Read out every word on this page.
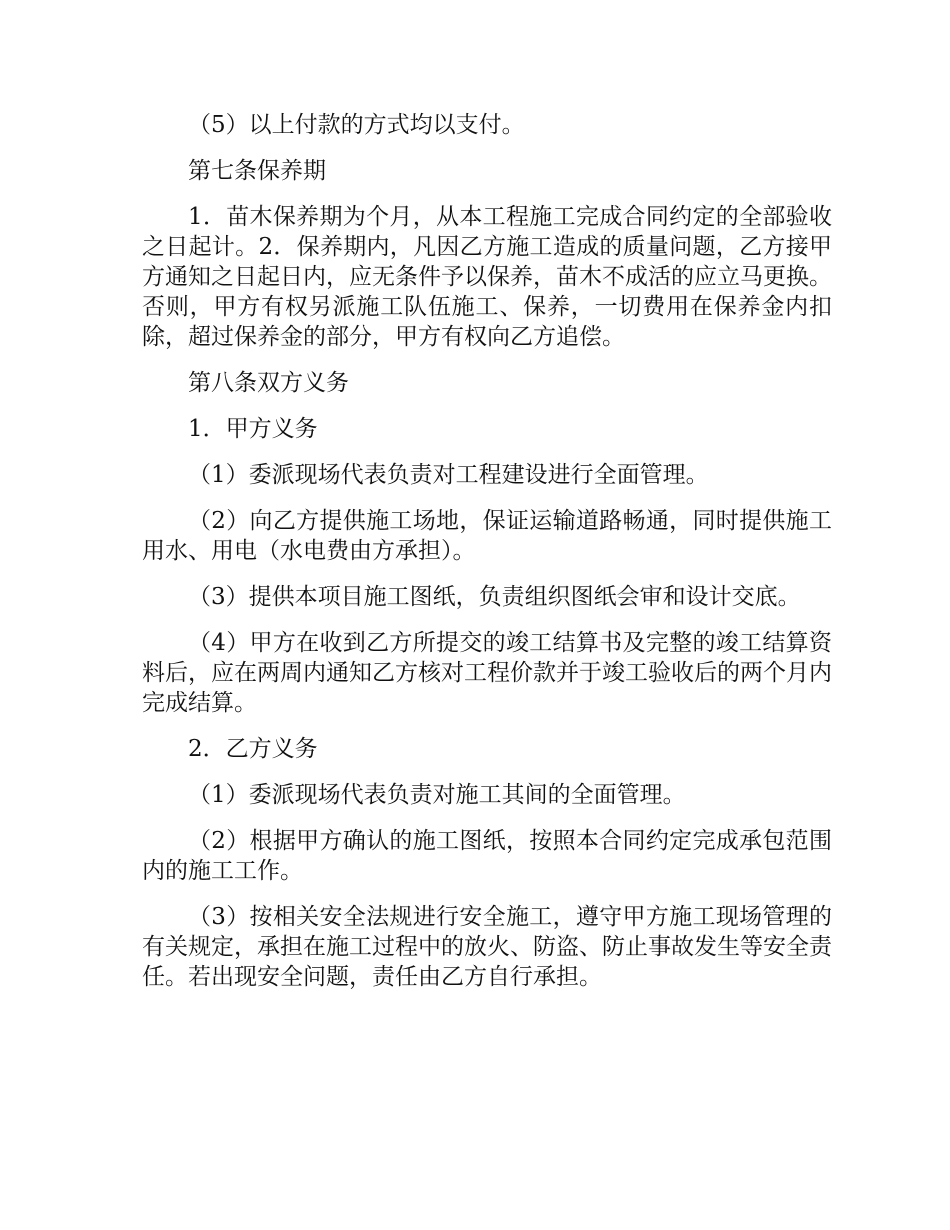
（5）以上付款的方式均以支付。

第七条保养期

1．苗木保养期为个月，从本工程施工完成合同约定的全部验收之日起计。2．保养期内，凡因乙方施工造成的质量问题，乙方接甲方通知之日起日内，应无条件予以保养，苗木不成活的应立马更换。否则，甲方有权另派施工队伍施工、保养，一切费用在保养金内扣除，超过保养金的部分，甲方有权向乙方追偿。

第八条双方义务

1．甲方义务

（1）委派现场代表负责对工程建设进行全面管理。

（2）向乙方提供施工场地，保证运输道路畅通，同时提供施工用水、用电（水电费由方承担）。

（3）提供本项目施工图纸，负责组织图纸会审和设计交底。

（4）甲方在收到乙方所提交的竣工结算书及完整的竣工结算资料后，应在两周内通知乙方核对工程价款并于竣工验收后的两个月内完成结算。

2．乙方义务

（1）委派现场代表负责对施工其间的全面管理。

（2）根据甲方确认的施工图纸，按照本合同约定完成承包范围内的施工工作。

（3）按相关安全法规进行安全施工，遵守甲方施工现场管理的有关规定，承担在施工过程中的放火、防盗、防止事故发生等安全责任。若出现安全问题，责任由乙方自行承担。
